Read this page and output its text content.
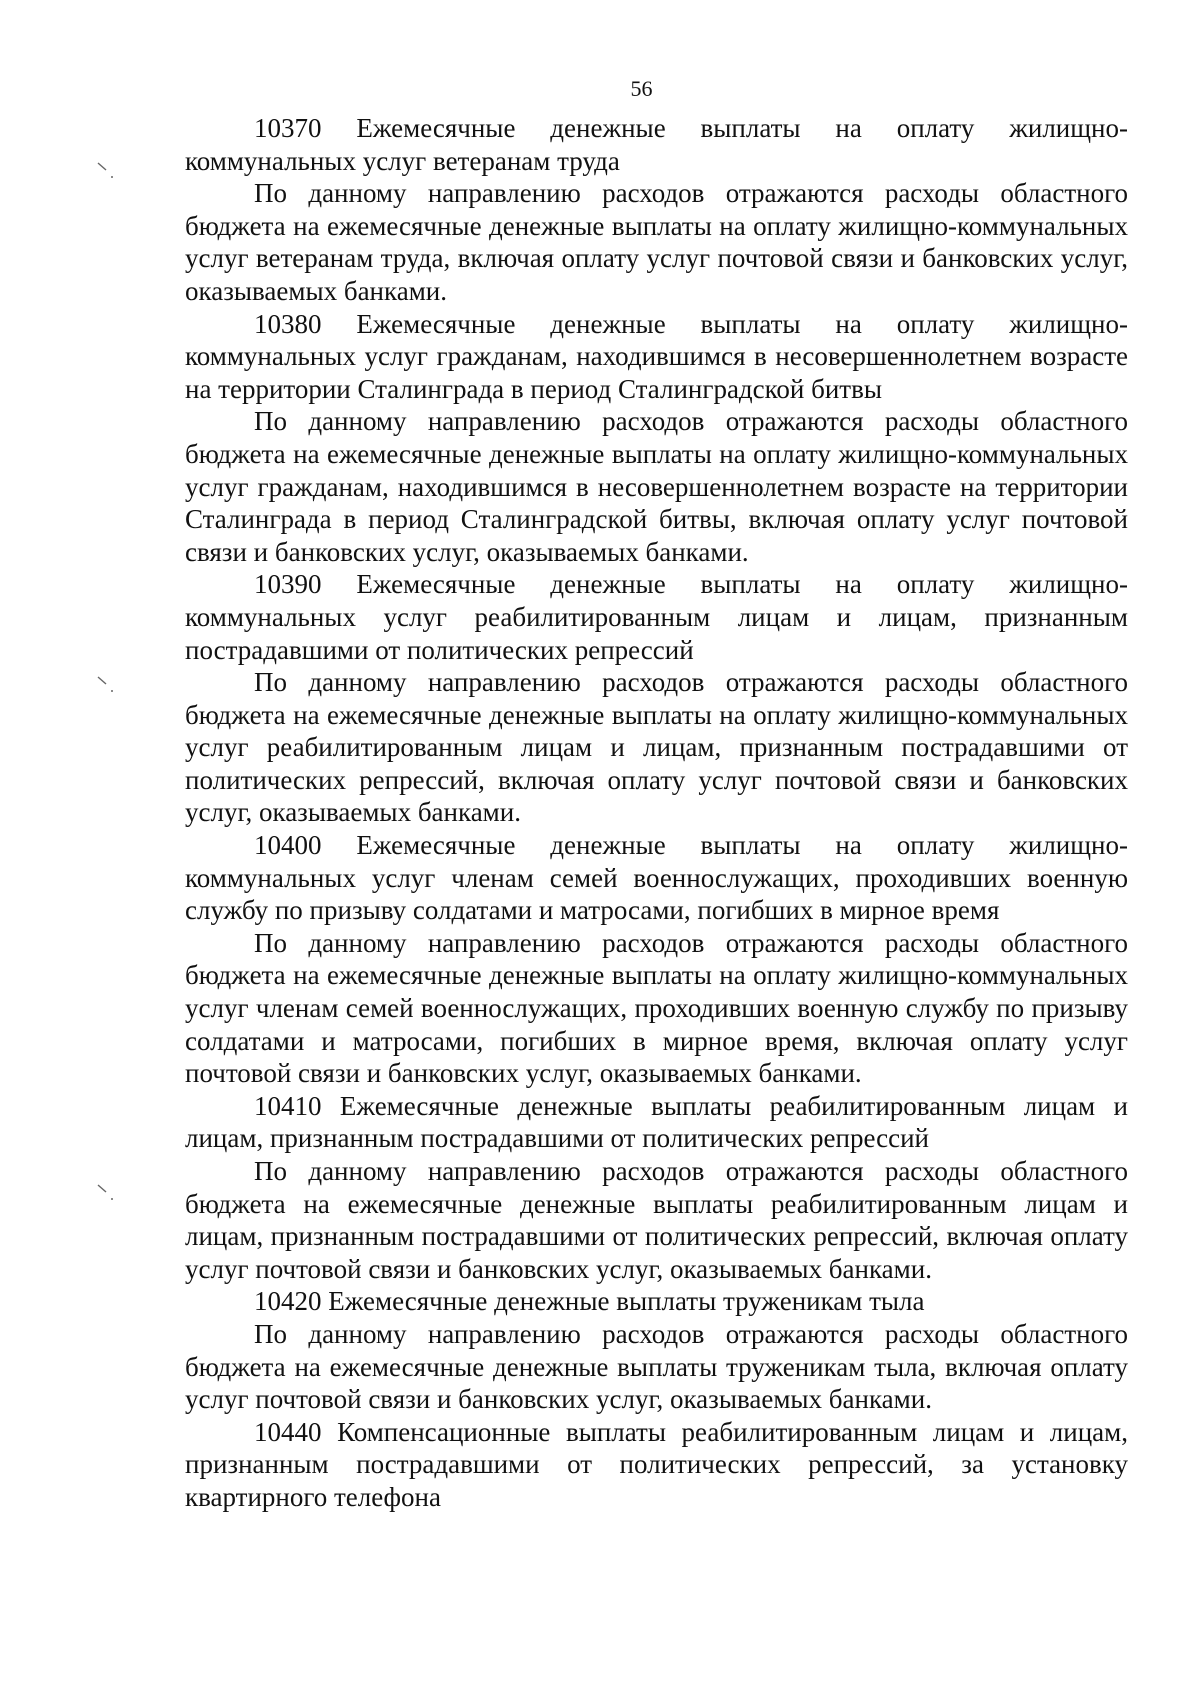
56

10370 Ежемесячные денежные выплаты на оплату жилищно-коммунальных услуг ветеранам труда

По данному направлению расходов отражаются расходы областного бюджета на ежемесячные денежные выплаты на оплату жилищно-коммунальных услуг ветеранам труда, включая оплату услуг почтовой связи и банковских услуг, оказываемых банками.

10380 Ежемесячные денежные выплаты на оплату жилищно-коммунальных услуг гражданам, находившимся в несовершеннолетнем возрасте на территории Сталинграда в период Сталинградской битвы

По данному направлению расходов отражаются расходы областного бюджета на ежемесячные денежные выплаты на оплату жилищно-коммунальных услуг гражданам, находившимся в несовершеннолетнем возрасте на территории Сталинграда в период Сталинградской битвы, включая оплату услуг почтовой связи и банковских услуг, оказываемых банками.

10390 Ежемесячные денежные выплаты на оплату жилищно-коммунальных услуг реабилитированным лицам и лицам, признанным пострадавшими от политических репрессий

По данному направлению расходов отражаются расходы областного бюджета на ежемесячные денежные выплаты на оплату жилищно-коммунальных услуг реабилитированным лицам и лицам, признанным пострадавшими от политических репрессий, включая оплату услуг почтовой связи и банковских услуг, оказываемых банками.

10400 Ежемесячные денежные выплаты на оплату жилищно-коммунальных услуг членам семей военнослужащих, проходивших военную службу по призыву солдатами и матросами, погибших в мирное время

По данному направлению расходов отражаются расходы областного бюджета на ежемесячные денежные выплаты на оплату жилищно-коммунальных услуг членам семей военнослужащих, проходивших военную службу по призыву солдатами и матросами, погибших в мирное время, включая оплату услуг почтовой связи и банковских услуг, оказываемых банками.

10410 Ежемесячные денежные выплаты реабилитированным лицам и лицам, признанным пострадавшими от политических репрессий

По данному направлению расходов отражаются расходы областного бюджета на ежемесячные денежные выплаты реабилитированным лицам и лицам, признанным пострадавшими от политических репрессий, включая оплату услуг почтовой связи и банковских услуг, оказываемых банками.

10420 Ежемесячные денежные выплаты труженикам тыла

По данному направлению расходов отражаются расходы областного бюджета на ежемесячные денежные выплаты труженикам тыла, включая оплату услуг почтовой связи и банковских услуг, оказываемых банками.

10440 Компенсационные выплаты реабилитированным лицам и лицам, признанным пострадавшими от политических репрессий, за установку квартирного телефона
